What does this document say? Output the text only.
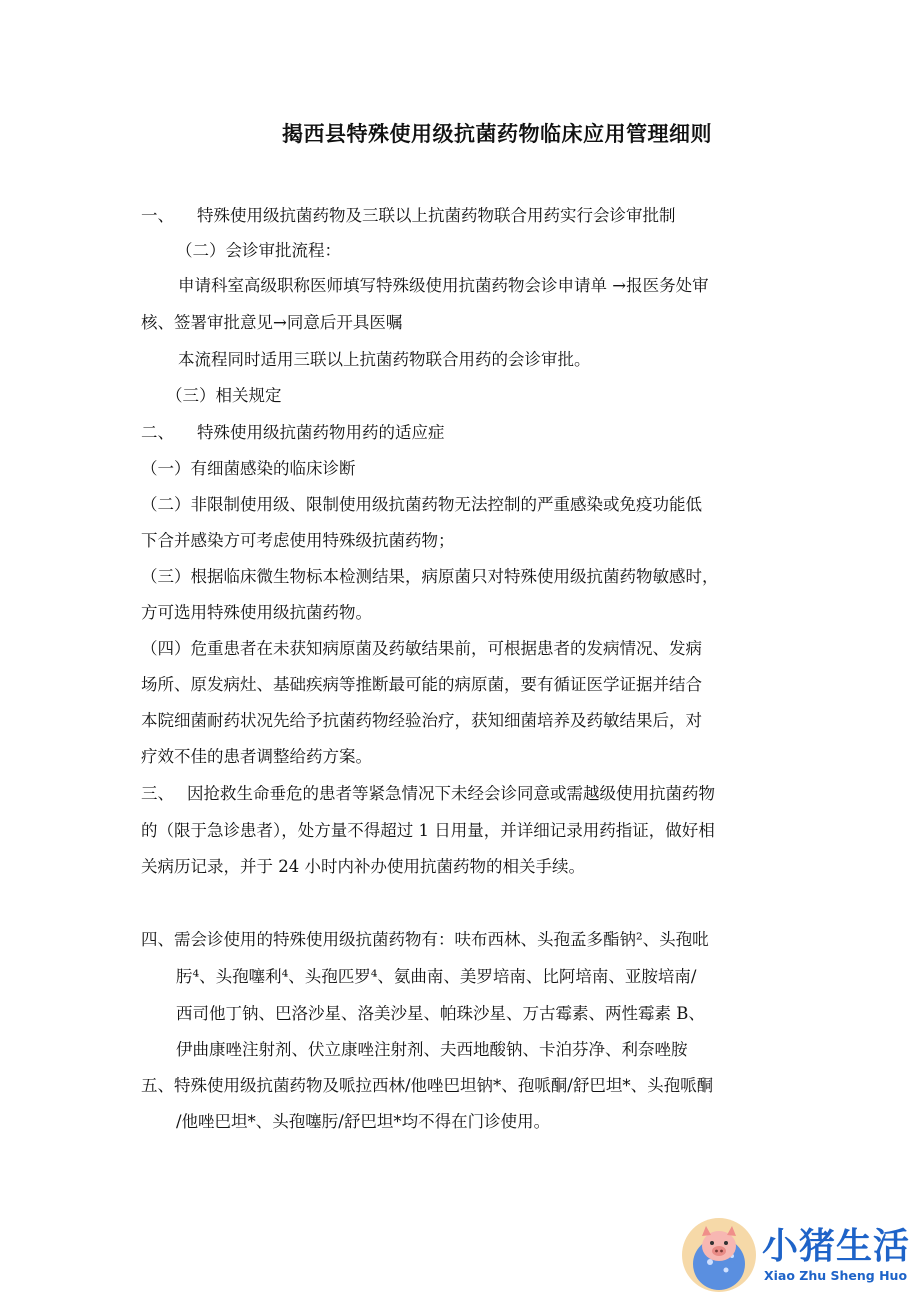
揭西县特殊使用级抗菌药物临床应用管理细则
一、 特殊使用级抗菌药物及三联以上抗菌药物联合用药实行会诊审批制
（二）会诊审批流程：
申请科室高级职称医师填写特殊级使用抗菌药物会诊申请单 →报医务处审
核、签署审批意见→同意后开具医嘱
本流程同时适用三联以上抗菌药物联合用药的会诊审批。
（三）相关规定
二、 特殊使用级抗菌药物用药的适应症
（一）有细菌感染的临床诊断
（二）非限制使用级、限制使用级抗菌药物无法控制的严重感染或免疫功能低
下合并感染方可考虑使用特殊级抗菌药物；
（三）根据临床微生物标本检测结果，病原菌只对特殊使用级抗菌药物敏感时，
方可选用特殊使用级抗菌药物。
（四）危重患者在未获知病原菌及药敏结果前，可根据患者的发病情况、发病
场所、原发病灶、基础疾病等推断最可能的病原菌，要有循证医学证据并结合
本院细菌耐药状况先给予抗菌药物经验治疗，获知细菌培养及药敏结果后，对
疗效不佳的患者调整给药方案。
三、 因抢救生命垂危的患者等紧急情况下未经会诊同意或需越级使用抗菌药物
的（限于急诊患者），处方量不得超过 1 日用量，并详细记录用药指证，做好相
关病历记录，并于 24 小时内补办使用抗菌药物的相关手续。
四、需会诊使用的特殊使用级抗菌药物有：呋布西林、头孢孟多酯钠²、头孢吡
肟⁴、头孢噻利⁴、头孢匹罗⁴、氨曲南、美罗培南、比阿培南、亚胺培南/
西司他丁钠、巴洛沙星、洛美沙星、帕珠沙星、万古霉素、两性霉素 B、
伊曲康唑注射剂、伏立康唑注射剂、夫西地酸钠、卡泊芬净、利奈唑胺
五、特殊使用级抗菌药物及哌拉西林/他唑巴坦钠*、孢哌酮/舒巴坦*、头孢哌酮
/他唑巴坦*、头孢噻肟/舒巴坦*均不得在门诊使用。
小猪生活
Xiao Zhu Sheng Huo
